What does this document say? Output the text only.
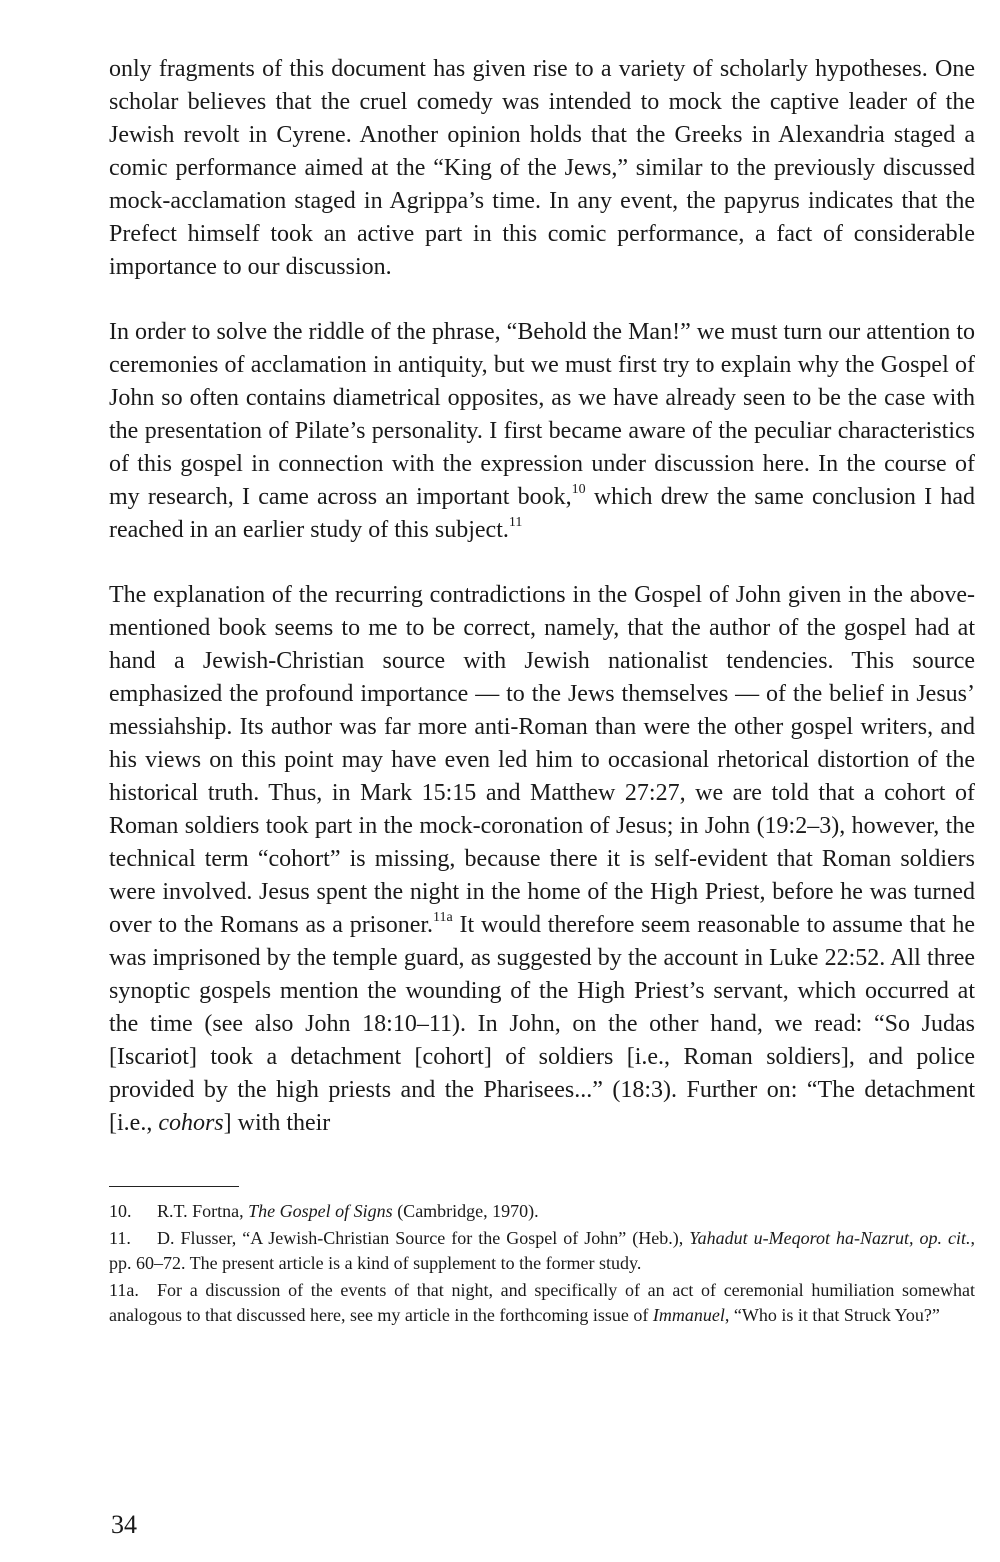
only fragments of this document has given rise to a variety of scholarly hypotheses. One scholar believes that the cruel comedy was intended to mock the captive leader of the Jewish revolt in Cyrene. Another opinion holds that the Greeks in Alexandria staged a comic performance aimed at the “King of the Jews,” similar to the previously discussed mock-acclamation staged in Agrippa’s time. In any event, the papyrus indicates that the Prefect himself took an active part in this comic performance, a fact of considerable importance to our discussion.

In order to solve the riddle of the phrase, “Behold the Man!” we must turn our attention to ceremonies of acclamation in antiquity, but we must first try to explain why the Gospel of John so often contains diametrical opposites, as we have already seen to be the case with the presentation of Pilate’s personality. I first became aware of the peculiar characteristics of this gospel in connection with the expression under discussion here. In the course of my research, I came across an important book,$^{10}$ which drew the same conclusion I had reached in an earlier study of this subject.$^{11}$

The explanation of the recurring contradictions in the Gospel of John given in the above-mentioned book seems to me to be correct, namely, that the author of the gospel had at hand a Jewish-Christian source with Jewish nationalist tendencies. This source emphasized the profound importance — to the Jews themselves — of the belief in Jesus’ messiahship. Its author was far more anti-Roman than were the other gospel writers, and his views on this point may have even led him to occasional rhetorical distortion of the historical truth. Thus, in Mark 15:15 and Matthew 27:27, we are told that a cohort of Roman soldiers took part in the mock-coronation of Jesus; in John (19:2–3), however, the technical term “cohort” is missing, because there it is self-evident that Roman soldiers were involved. Jesus spent the night in the home of the High Priest, before he was turned over to the Romans as a prisoner.$^{11a}$ It would therefore seem reasonable to assume that he was imprisoned by the temple guard, as suggested by the account in Luke 22:52. All three synoptic gospels mention the wounding of the High Priest’s servant, which occurred at the time (see also John 18:10–11). In John, on the other hand, we read: “So Judas [Iscariot] took a detachment [cohort] of soldiers [i.e., Roman soldiers], and police provided by the high priests and the Pharisees...” (18:3). Further on: “The detachment [i.e., cohors] with their

10. R.T. Fortna, The Gospel of Signs (Cambridge, 1970).
11. D. Flusser, “A Jewish-Christian Source for the Gospel of John” (Heb.), Yahadut u-Meqorot ha-Nazrut, op. cit., pp. 60–72. The present article is a kind of supplement to the former study.
11a. For a discussion of the events of that night, and specifically of an act of ceremonial humiliation somewhat analogous to that discussed here, see my article in the forthcoming issue of Immanuel, “Who is it that Struck You?”
34
